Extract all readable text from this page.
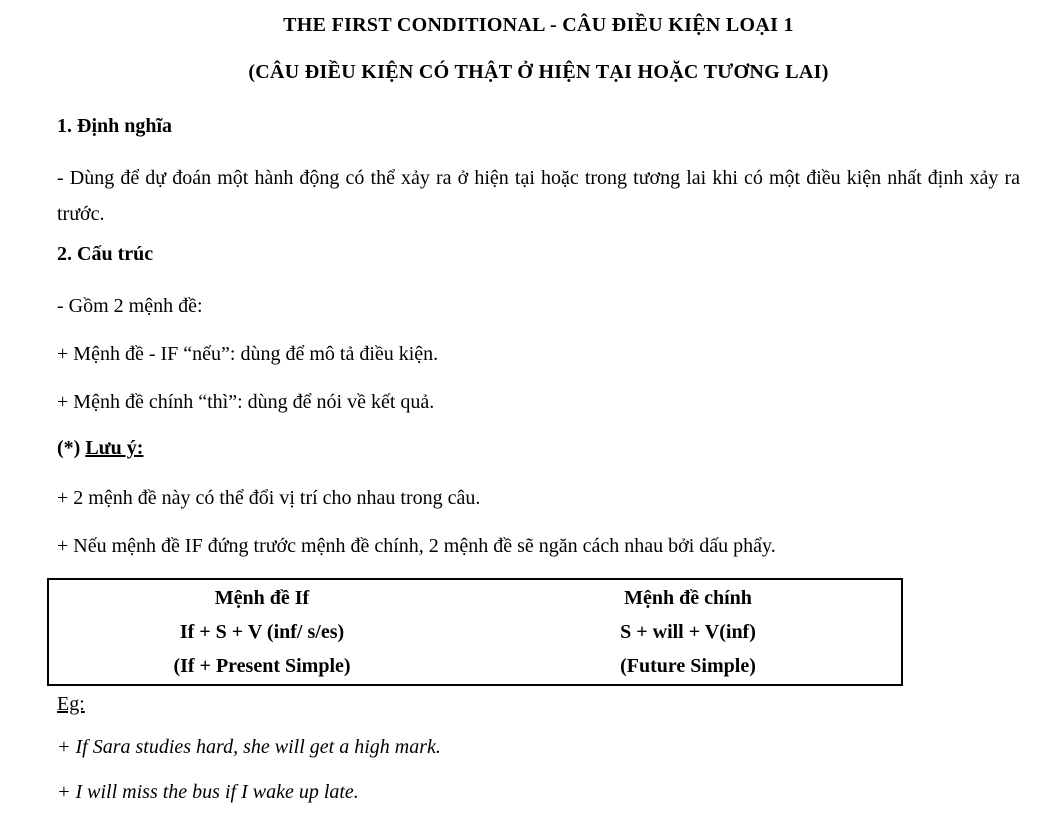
THE FIRST CONDITIONAL - CÂU ĐIỀU KIỆN LOẠI 1
(CÂU ĐIỀU KIỆN CÓ THẬT Ở HIỆN TẠI HOẶC TƯƠNG LAI)
1. Định nghĩa
- Dùng để dự đoán một hành động có thể xảy ra ở hiện tại hoặc trong tương lai khi có một điều kiện nhất định xảy ra trước.
2. Cấu trúc
- Gồm 2 mệnh đề:
+ Mệnh đề - IF “nếu”: dùng để mô tả điều kiện.
+ Mệnh đề chính “thì”: dùng để nói về kết quả.
(*) Lưu ý:
+ 2 mệnh đề này có thể đổi vị trí cho nhau trong câu.
+ Nếu mệnh đề IF đứng trước mệnh đề chính, 2 mệnh đề sẽ ngăn cách nhau bởi dấu phẩy.
Mệnh đề If
If + S + V (inf/ s/es)
(If + Present Simple)
Mệnh đề chính
S + will + V(inf)
(Future Simple)
Eg:
+ If Sara studies hard, she will get a high mark.
+ I will miss the bus if I wake up late.
